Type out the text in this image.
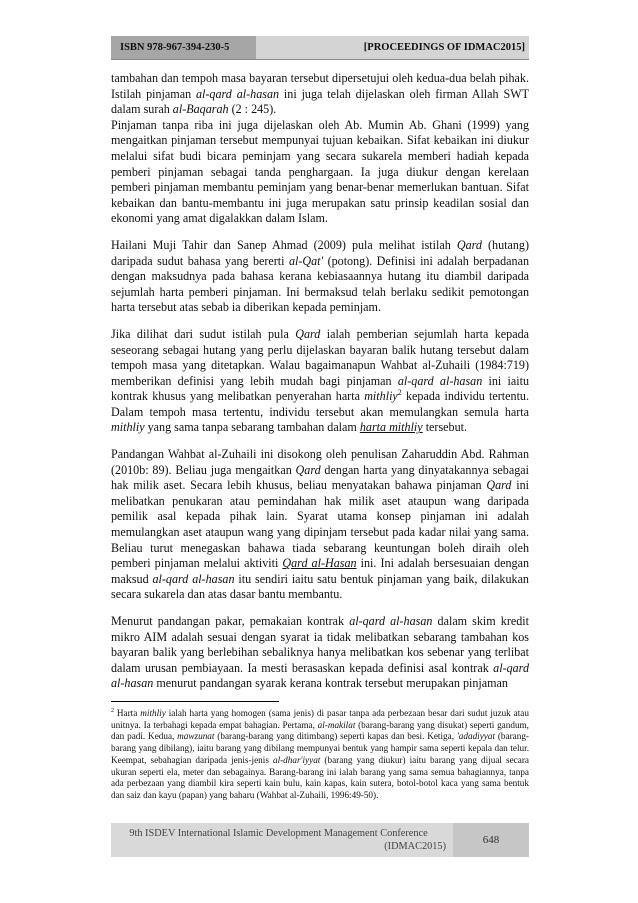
ISBN 978-967-394-230-5	[PROCEEDINGS OF IDMAC2015]

tambahan dan tempoh masa bayaran tersebut dipersetujui oleh kedua-dua belah pihak. Istilah pinjaman al-qard al-hasan ini juga telah dijelaskan oleh firman Allah SWT dalam surah al-Baqarah (2 : 245).

Pinjaman tanpa riba ini juga dijelaskan oleh Ab. Mumin Ab. Ghani (1999) yang mengaitkan pinjaman tersebut mempunyai tujuan kebaikan. Sifat kebaikan ini diukur melalui sifat budi bicara peminjam yang secara sukarela memberi hadiah kepada pemberi pinjaman sebagai tanda penghargaan. Ia juga diukur dengan kerelaan pemberi pinjaman membantu peminjam yang benar-benar memerlukan bantuan. Sifat kebaikan dan bantu-membantu ini juga merupakan satu prinsip keadilan sosial dan ekonomi yang amat digalakkan dalam Islam.

Hailani Muji Tahir dan Sanep Ahmad (2009) pula melihat istilah Qard (hutang) daripada sudut bahasa yang bererti al-Qat' (potong). Definisi ini adalah berpadanan dengan maksudnya pada bahasa kerana kebiasaannya hutang itu diambil daripada sejumlah harta pemberi pinjaman. Ini bermaksud telah berlaku sedikit pemotongan harta tersebut atas sebab ia diberikan kepada peminjam.

Jika dilihat dari sudut istilah pula Qard ialah pemberian sejumlah harta kepada seseorang sebagai hutang yang perlu dijelaskan bayaran balik hutang tersebut dalam tempoh masa yang ditetapkan. Walau bagaimanapun Wahbat al-Zuhaili (1984:719) memberikan definisi yang lebih mudah bagi pinjaman al-qard al-hasan ini iaitu kontrak khusus yang melibatkan penyerahan harta mithliy$^2$ kepada individu tertentu. Dalam tempoh masa tertentu, individu tersebut akan memulangkan semula harta mithliy yang sama tanpa sebarang tambahan dalam harta mithliy tersebut.

Pandangan Wahbat al-Zuhaili ini disokong oleh penulisan Zaharuddin Abd. Rahman (2010b: 89). Beliau juga mengaitkan Qard dengan harta yang dinyatakannya sebagai hak milik aset. Secara lebih khusus, beliau menyatakan bahawa pinjaman Qard ini melibatkan penukaran atau pemindahan hak milik aset ataupun wang daripada pemilik asal kepada pihak lain. Syarat utama konsep pinjaman ini adalah memulangkan aset ataupun wang yang dipinjam tersebut pada kadar nilai yang sama. Beliau turut menegaskan bahawa tiada sebarang keuntungan boleh diraih oleh pemberi pinjaman melalui aktiviti Qard al-Hasan ini. Ini adalah bersesuaian dengan maksud al-qard al-hasan itu sendiri iaitu satu bentuk pinjaman yang baik, dilakukan secara sukarela dan atas dasar bantu membantu.

Menurut pandangan pakar, pemakaian kontrak al-qard al-hasan dalam skim kredit mikro AIM adalah sesuai dengan syarat ia tidak melibatkan sebarang tambahan kos bayaran balik yang berlebihan sebaliknya hanya melibatkan kos sebenar yang terlibat dalam urusan pembiayaan. Ia mesti berasaskan kepada definisi asal kontrak al-qard al-hasan menurut pandangan syarak kerana kontrak tersebut merupakan pinjaman

$^2$ Harta mithliy ialah harta yang homogen (sama jenis) di pasar tanpa ada perbezaan besar dari sudut juzuk atau unitnya. Ia terbahagi kepada empat bahagian. Pertama, al-makilat (barang-barang yang disukat) seperti gandum, dan padi. Kedua, mawzunat (barang-barang yang ditimbang) seperti kapas dan besi. Ketiga, 'adadiyyat (barang-barang yang dibilang), iaitu barang yang dibilang mempunyai bentuk yang hampir sama seperti kepala dan telur. Keempat, sebahagian daripada jenis-jenis al-dhar'iyyat (barang yang diukur) iaitu barang yang dijual secara ukuran seperti ela, meter dan sebagainya. Barang-barang ini ialah barang yang sama semua bahagiannya, tanpa ada perbezaan yang diambil kira seperti kain bulu, kain kapas, kain sutera, botol-botol kaca yang sama bentuk dan saiz dan kayu (papan) yang baharu (Wahbat al-Zuhaili, 1996:49-50).

9th ISDEV International Islamic Development Management Conference
(IDMAC2015)
648
